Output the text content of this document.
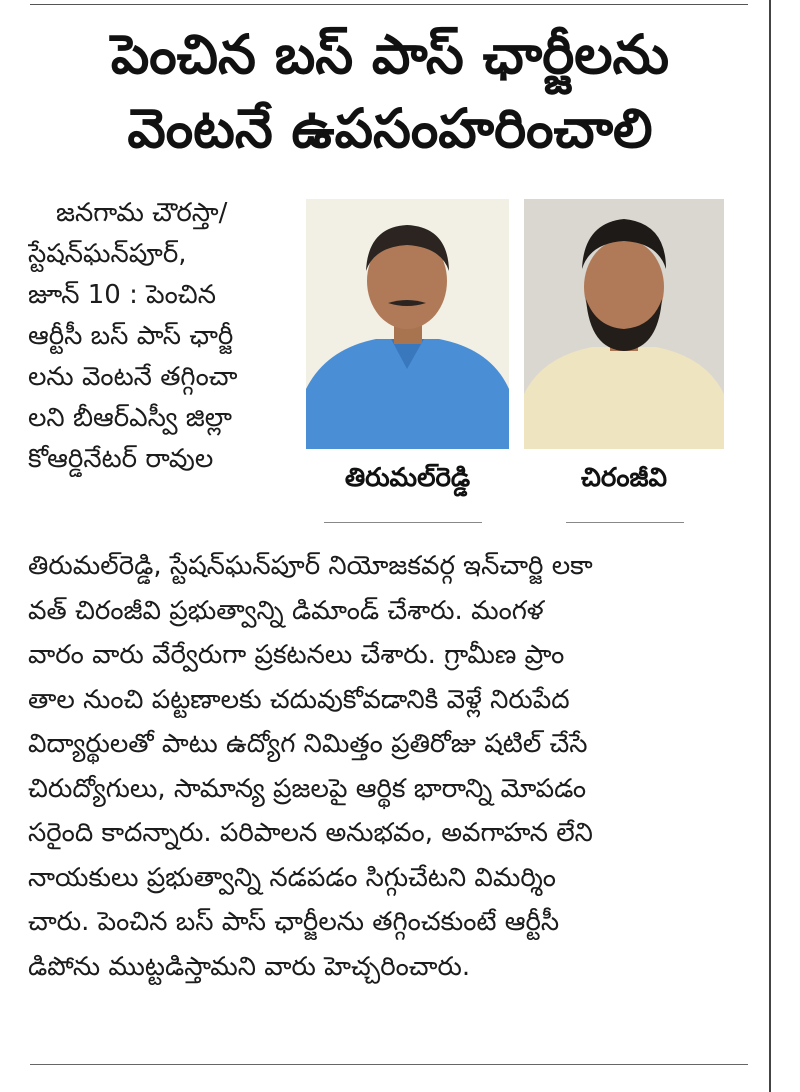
పెంచిన బస్ పాస్ ఛార్జీలను
వెంటనే ఉపసంహరించాలి
జనగామ చౌరస్తా/
స్టేషన్‌ఘన్‌పూర్,
జూన్ 10 : పెంచిన
ఆర్టీసీ బస్ పాస్ ఛార్జీ
లను వెంటనే తగ్గించా
లని బీఆర్‌ఎస్వీ జిల్లా
కోఆర్డినేటర్ రావుల
తిరుమల్‌రెడ్డి	చిరంజీవి
తిరుమల్‌రెడ్డి, స్టేషన్‌ఘన్‌పూర్ నియోజకవర్గ ఇన్‌చార్జి లకా
వత్ చిరంజీవి ప్రభుత్వాన్ని డిమాండ్ చేశారు. మంగళ
వారం వారు వేర్వేరుగా ప్రకటనలు చేశారు. గ్రామీణ ప్రాం
తాల నుంచి పట్టణాలకు చదువుకోవడానికి వెళ్లే నిరుపేద
విద్యార్థులతో పాటు ఉద్యోగ నిమిత్తం ప్రతిరోజు షటిల్ చేసే
చిరుద్యోగులు, సామాన్య ప్రజలపై ఆర్థిక భారాన్ని మోపడం
సరైంది కాదన్నారు. పరిపాలన అనుభవం, అవగాహన లేని
నాయకులు ప్రభుత్వాన్ని నడపడం సిగ్గుచేటని విమర్శిం
చారు. పెంచిన బస్ పాస్ ఛార్జీలను తగ్గించకుంటే ఆర్టీసీ
డిపోను ముట్టడిస్తామని వారు హెచ్చరించారు.
